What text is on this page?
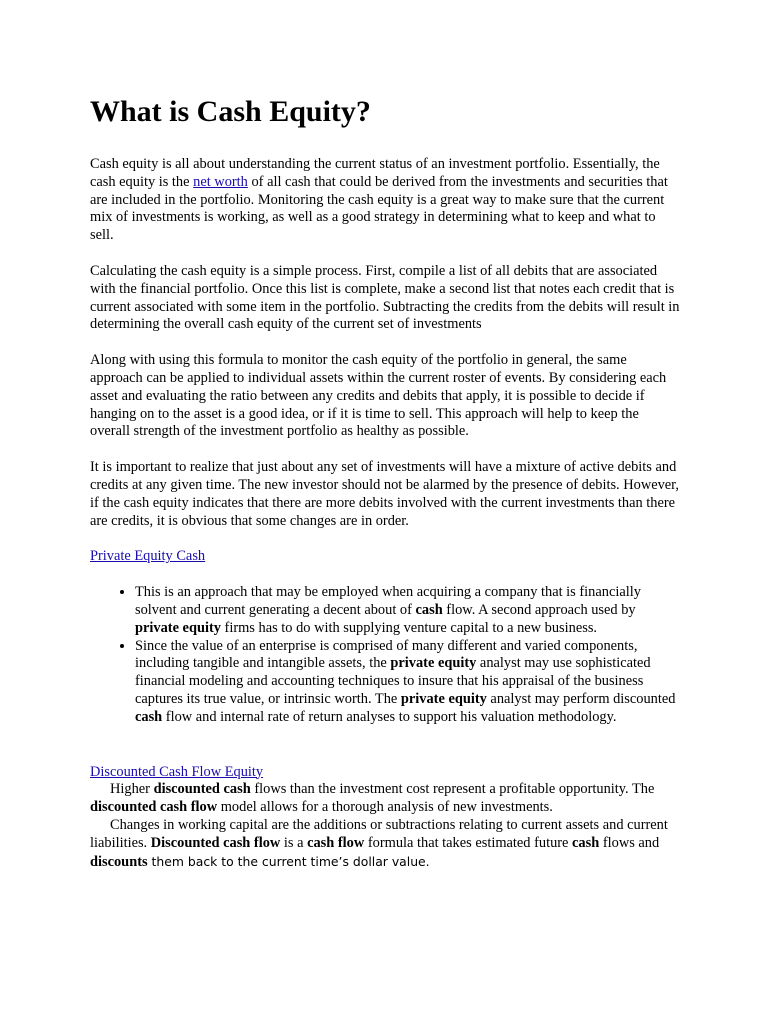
What is Cash Equity?

Cash equity is all about understanding the current status of an investment portfolio. Essentially, the cash equity is the net worth of all cash that could be derived from the investments and securities that are included in the portfolio. Monitoring the cash equity is a great way to make sure that the current mix of investments is working, as well as a good strategy in determining what to keep and what to sell.

Calculating the cash equity is a simple process. First, compile a list of all debits that are associated with the financial portfolio. Once this list is complete, make a second list that notes each credit that is current associated with some item in the portfolio. Subtracting the credits from the debits will result in determining the overall cash equity of the current set of investments

Along with using this formula to monitor the cash equity of the portfolio in general, the same approach can be applied to individual assets within the current roster of events. By considering each asset and evaluating the ratio between any credits and debits that apply, it is possible to decide if hanging on to the asset is a good idea, or if it is time to sell. This approach will help to keep the overall strength of the investment portfolio as healthy as possible.

It is important to realize that just about any set of investments will have a mixture of active debits and credits at any given time. The new investor should not be alarmed by the presence of debits. However, if the cash equity indicates that there are more debits involved with the current investments than there are credits, it is obvious that some changes are in order.

Private Equity Cash

• This is an approach that may be employed when acquiring a company that is financially solvent and current generating a decent about of cash flow. A second approach used by private equity firms has to do with supplying venture capital to a new business.
• Since the value of an enterprise is comprised of many different and varied components, including tangible and intangible assets, the private equity analyst may use sophisticated financial modeling and accounting techniques to insure that his appraisal of the business captures its true value, or intrinsic worth. The private equity analyst may perform discounted cash flow and internal rate of return analyses to support his valuation methodology.

Discounted Cash Flow Equity

Higher discounted cash flows than the investment cost represent a profitable opportunity. The discounted cash flow model allows for a thorough analysis of new investments.

Changes in working capital are the additions or subtractions relating to current assets and current liabilities. Discounted cash flow is a cash flow formula that takes estimated future cash flows and discounts them back to the current time’s dollar value.
